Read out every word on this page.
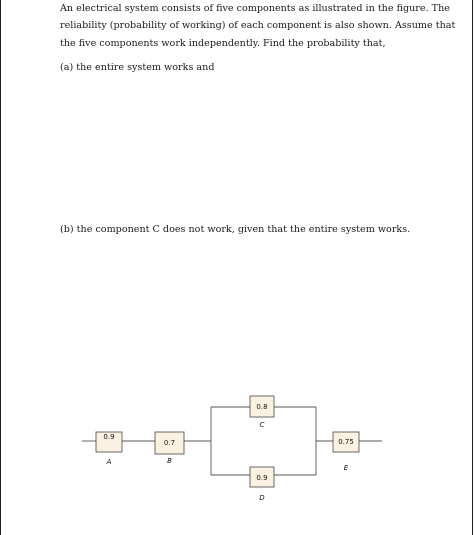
An electrical system consists of five components as illustrated in the figure. The
reliability (probability of working) of each component is also shown. Assume that
the five components work independently. Find the probability that,
(a) the entire system works and
(b) the component C does not work, given that the entire system works.
0.9
A
0.7
B
0.8
C
0.9
D
0.75
E
